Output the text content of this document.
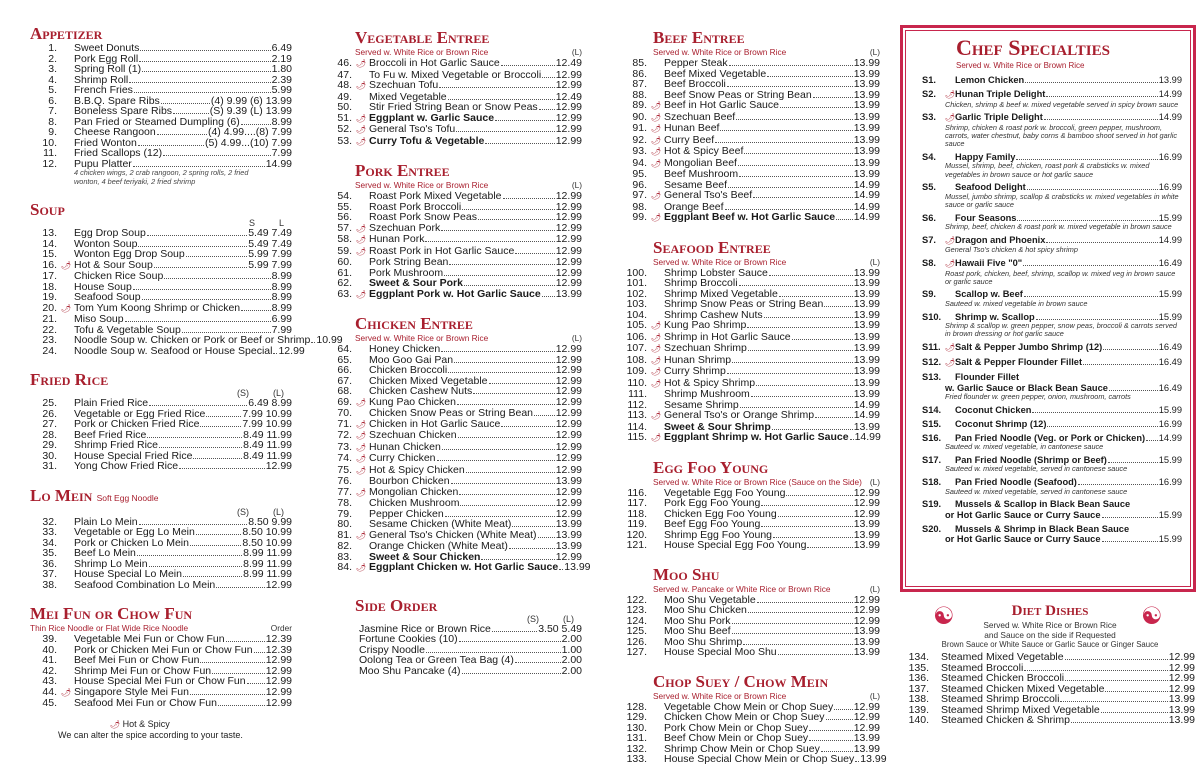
Appetizer
1. Sweet Donuts	6.49
2. Pork Egg Roll	2.19
3. Spring Roll (1)	1.80
4. Shrimp Roll	2.39
5. French Fries	5.99
6. B.B.Q. Spare Ribs	(4) 9.99 (6) 13.99
7. Boneless Spare Ribs	(S) 9.39 (L) 13.99
8. Pan Fried or Steamed Dumpling (6)	8.99
9. Cheese Rangoon	(4) 4.99....(8) 7.99
10. Fried Wonton	(5) 4.99...(10) 7.99
11. Fried Scallops (12)	7.99
12. Pupu Platter	14.99
4 chicken wings, 2 crab rangoon, 2 spring rolls, 2 fried wonton, 4 beef teriyaki, 2 fried shrimp
Soup
S	L
13. Egg Drop Soup	5.49 7.49
14. Wonton Soup	5.49 7.49
15. Wonton Egg Drop Soup	5.99 7.99
16. 🌶 Hot & Sour Soup	5.99 7.99
17. Chicken Rice Soup	8.99
18. House Soup	8.99
19. Seafood Soup	8.99
20. 🌶 Tom Yum Koong Shrimp or Chicken	8.99
21. Miso Soup	6.99
22. Tofu & Vegetable Soup	7.99
23. Noodle Soup w. Chicken or Pork or Beef or Shrimp 10.99
24. Noodle Soup w. Seafood or House Special 12.99
Fried Rice
(S)	(L)
25. Plain Fried Rice	6.49 8.99
26. Vegetable or Egg Fried Rice	7.99 10.99
27. Pork or Chicken Fried Rice	7.99 10.99
28. Beef Fried Rice	8.49 11.99
29. Shrimp Fried Rice	8.49 11.99
30. House Special Fried Rice	8.49 11.99
31. Yong Chow Fried Rice	12.99
Lo Mein Soft Egg Noodle
(S)	(L)
32. Plain Lo Mein	8.50 9.99
33. Vegetable or Egg Lo Mein	8.50 10.99
34. Pork or Chicken Lo Mein	8.50 10.99
35. Beef Lo Mein	8.99 11.99
36. Shrimp Lo Mein	8.99 11.99
37. House Special Lo Mein	8.99 11.99
38. Seafood Combination Lo Mein	12.99
Mei Fun or Chow Fun
Thin Rice Noodle or Flat Wide Rice Noodle	Order
39. Vegetable Mei Fun or Chow Fun	12.39
40. Pork or Chicken Mei Fun or Chow Fun 12.39
41. Beef Mei Fun or Chow Fun	12.99
42. Shrimp Mei Fun or Chow Fun	12.99
43. House Special Mei Fun or Chow Fun 12.99
44. 🌶 Singapore Style Mei Fun	12.99
45. Seafood Mei Fun or Chow Fun	12.99
🌶 Hot & Spicy
We can alter the spice according to your taste.
Vegetable Entree
Served w. White Rice or Brown Rice	(L)
46. 🌶 Broccoli in Hot Garlic Sauce	12.49
47. To Fu w. Mixed Vegetable or Broccoli 12.99
48. 🌶 Szechuan Tofu	12.99
49. Mixed Vegetable	12.49
50. Stir Fried String Bean or Snow Peas 12.99
51. 🌶 Eggplant w. Garlic Sauce	12.99
52. 🌶 General Tso's Tofu	12.99
53. 🌶 Curry Tofu & Vegetable	12.99
Pork Entree
Served w. White Rice or Brown Rice	(L)
54. Roast Pork Mixed Vegetable	12.99
55. Roast Pork Broccoli	12.99
56. Roast Pork Snow Peas	12.99
57. 🌶 Szechuan Pork	12.99
58. 🌶 Hunan Pork	12.99
59. 🌶 Roast Pork in Hot Garlic Sauce	12.99
60. Pork String Bean	12.99
61. Pork Mushroom	12.99
62. Sweet & Sour Pork	12.99
63. 🌶 Eggplant Pork w. Hot Garlic Sauce 13.99
Chicken Entree
Served w. White Rice or Brown Rice	(L)
64. Honey Chicken	12.99
65. Moo Goo Gai Pan	12.99
66. Chicken Broccoli	12.99
67. Chicken Mixed Vegetable	12.99
68. Chicken Cashew Nuts	12.99
69. 🌶 Kung Pao Chicken	12.99
70. Chicken Snow Peas or String Bean 12.99
71. 🌶 Chicken in Hot Garlic Sauce	12.99
72. 🌶 Szechuan Chicken	12.99
73. 🌶 Hunan Chicken	12.99
74. 🌶 Curry Chicken	12.99
75. 🌶 Hot & Spicy Chicken	12.99
76. Bourbon Chicken	13.99
77. 🌶 Mongolian Chicken	12.99
78. Chicken Mushroom	12.99
79. Pepper Chicken	12.99
80. Sesame Chicken (White Meat)	13.99
81. 🌶 General Tso's Chicken (White Meat) 13.99
82. Orange Chicken (White Meat)	13.99
83. Sweet & Sour Chicken	12.99
84. 🌶 Eggplant Chicken w. Hot Garlic Sauce 13.99
Side Order
(S)	(L)
Jasmine Rice or Brown Rice	3.50 5.49
Fortune Cookies (10)	2.00
Crispy Noodle	1.00
Oolong Tea or Green Tea Bag (4)	2.00
Moo Shu Pancake (4)	2.00
Beef Entree
Served w. White Rice or Brown Rice	(L)
85. Pepper Steak	13.99
86. Beef Mixed Vegetable	13.99
87. Beef Broccoli	13.99
88. Beef Snow Peas or String Bean	13.99
89. 🌶 Beef in Hot Garlic Sauce	13.99
90. 🌶 Szechuan Beef	13.99
91. 🌶 Hunan Beef	13.99
92. 🌶 Curry Beef	13.99
93. 🌶 Hot & Spicy Beef	13.99
94. 🌶 Mongolian Beef	13.99
95. Beef Mushroom	13.99
96. Sesame Beef	14.99
97. 🌶 General Tso's Beef	14.99
98. Orange Beef	14.99
99. 🌶 Eggplant Beef w. Hot Garlic Sauce 14.99
Seafood Entree
Served w. White Rice or Brown Rice	(L)
100. Shrimp Lobster Sauce	13.99
101. Shrimp Broccoli	13.99
102. Shrimp Mixed Vegetable	13.99
103. Shrimp Snow Peas or String Bean	13.99
104. Shrimp Cashew Nuts	13.99
105. 🌶 Kung Pao Shrimp	13.99
106. 🌶 Shrimp in Hot Garlic Sauce	13.99
107. 🌶 Szechuan Shrimp	13.99
108. 🌶 Hunan Shrimp	13.99
109. 🌶 Curry Shrimp	13.99
110. 🌶 Hot & Spicy Shrimp	13.99
111. Shrimp Mushroom	13.99
112. Sesame Shrimp	14.99
113. 🌶 General Tso's or Orange Shrimp	14.99
114. Sweet & Sour Shrimp	13.99
115. 🌶 Eggplant Shrimp w. Hot Garlic Sauce 14.99
Egg Foo Young
Served w. White Rice or Brown Rice (Sauce on the Side) (L)
116. Vegetable Egg Foo Young	12.99
117. Pork Egg Foo Young	12.99
118. Chicken Egg Foo Young	12.99
119. Beef Egg Foo Young	13.99
120. Shrimp Egg Foo Young	13.99
121. House Special Egg Foo Young	13.99
Moo Shu
Served w. Pancake or White Rice or Brown Rice	(L)
122. Moo Shu Vegetable	12.99
123. Moo Shu Chicken	12.99
124. Moo Shu Pork	12.99
125. Moo Shu Beef	13.99
126. Moo Shu Shrimp	13.99
127. House Special Moo Shu	13.99
Chop Suey / Chow Mein
Served w. White Rice or Brown Rice	(L)
128. Vegetable Chow Mein or Chop Suey 12.99
129. Chicken Chow Mein or Chop Suey	12.99
130. Pork Chow Mein or Chop Suey	12.99
131. Beef Chow Mein or Chop Suey	13.99
132. Shrimp Chow Mein or Chop Suey	13.99
133. House Special Chow Mein or Chop Suey 13.99
Chef Specialties
Served w. White Rice or Brown Rice
S1.	Lemon Chicken	13.99
S2.	🌶 Hunan Triple Delight	14.99
Chicken, shrimp & beef w. mixed vegetable served in spicy brown sauce
S3.	🌶 Garlic Triple Delight	14.99
Shrimp, chicken & roast pork w. broccoli, green pepper, mushroom, carrots, water chestnut, baby corns & bamboo shoot served in hot garlic sauce
S4.	Happy Family	16.99
Mussel, shrimp, beef, chicken, roast pork & crabsticks w. mixed vegetables in brown sauce or hot garlic sauce
S5.	Seafood Delight	16.99
Mussel, jumbo shrimp, scallop & crabsticks w. mixed vegetables in white sauce or garlic sauce
S6.	Four Seasons	15.99
Shrimp, beef, chicken & roast pork w. mixed vegetable in brown sauce
S7.	🌶 Dragon and Phoenix	14.99
General Tso's chicken & hot spicy shrimp
S8.	🌶 Hawaii Five "0"	16.49
Roast pork, chicken, beef, shrimp, scallop w. mixed veg in brown sauce or garlic sauce
S9.	Scallop w. Beef	15.99
Sauteed w. mixed vegetable in brown sauce
S10.	Shrimp w. Scallop	15.99
Shrimp & scallop w. green pepper, snow peas, broccoli & carrots served in brown dressing or hot garlic sauce
S11. 🌶 Salt & Pepper Jumbo Shrimp (12)	16.49
S12. 🌶 Salt & Pepper Flounder Fillet	16.49
S13.	Flounder Fillet
w. Garlic Sauce or Black Bean Sauce	16.49
Fried flounder w. green pepper, onion, mushroom, carrots
S14.	Coconut Chicken	15.99
S15.	Coconut Shrimp (12)	16.99
S16.	Pan Fried Noodle (Veg. or Pork or Chicken) 14.99
Sauteed w. mixed vegetable, in cantonese sauce
S17.	Pan Fried Noodle (Shrimp or Beef)	15.99
Sauteed w. mixed vegetable, served in cantonese sauce
S18.	Pan Fried Noodle (Seafood)	16.99
Sauteed w. mixed vegetable, served in cantonese sauce
S19.	Mussels & Scallop in Black Bean Sauce
or Hot Garlic Sauce or Curry Sauce	15.99
S20.	Mussels & Shrimp in Black Bean Sauce
or Hot Garlic Sauce or Curry Sauce	15.99
☯	☯
Diet Dishes
Served w. White Rice or Brown Rice
and Sauce on the side if Requested
Brown Sauce or White Sauce or Garlic Sauce or Ginger Sauce
134. Steamed Mixed Vegetable	12.99
135. Steamed Broccoli	12.99
136. Steamed Chicken Broccoli	12.99
137. Steamed Chicken Mixed Vegetable	12.99
138. Steamed Shrimp Broccoli	13.99
139. Steamed Shrimp Mixed Vegetable	13.99
140. Steamed Chicken & Shrimp	13.99
